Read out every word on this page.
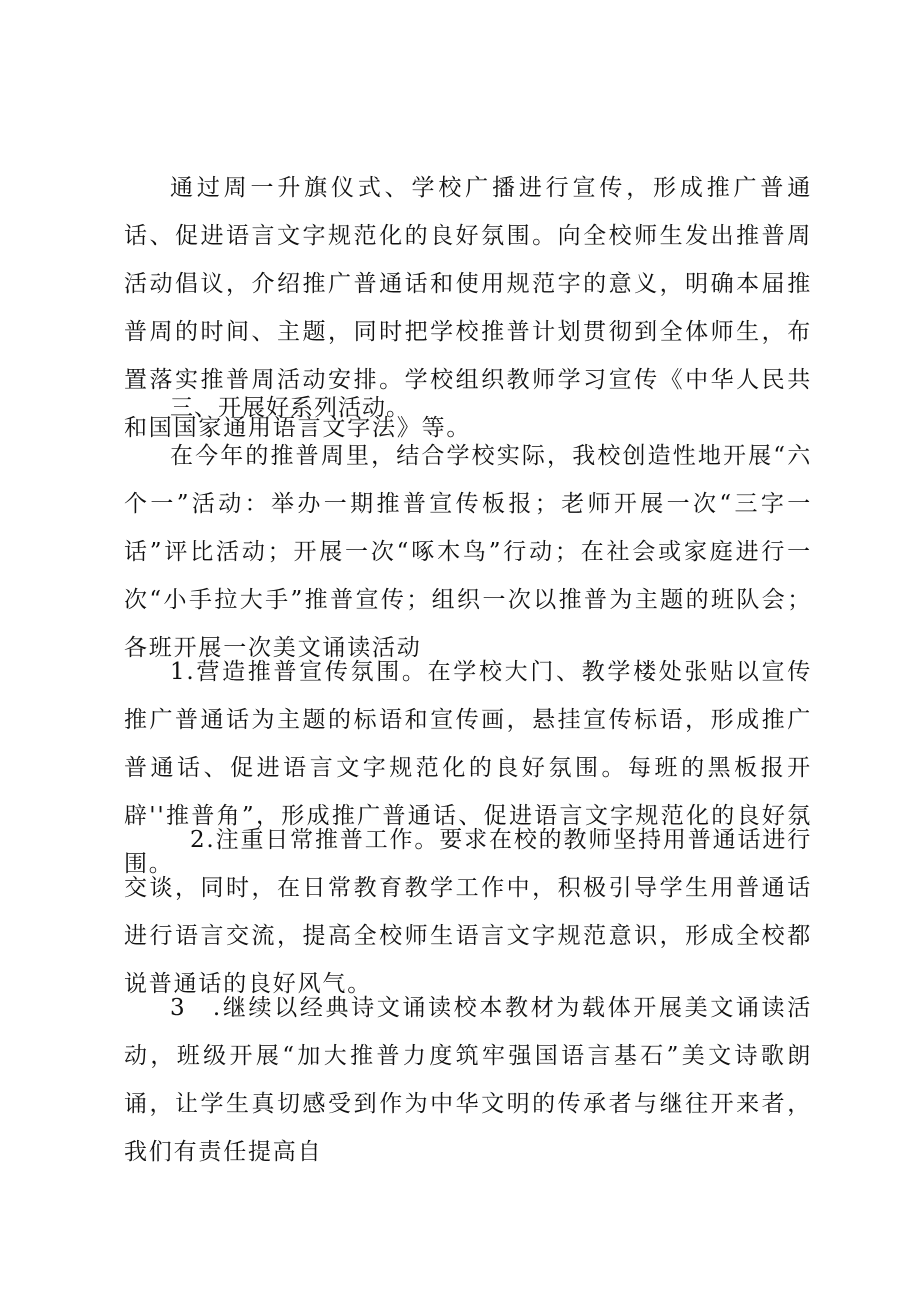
通过周一升旗仪式、学校广播进行宣传，形成推广普通话、促进语言文字规范化的良好氛围。向全校师生发出推普周活动倡议，介绍推广普通话和使用规范字的意义，明确本届推普周的时间、主题，同时把学校推普计划贯彻到全体师生，布置落实推普周活动安排。学校组织教师学习宣传《中华人民共和国国家通用语言文字法》等。

三、开展好系列活动。

在今年的推普周里，结合学校实际，我校创造性地开展“六个一”活动：举办一期推普宣传板报；老师开展一次“三字一话”评比活动；开展一次“啄木鸟”行动；在社会或家庭进行一次“小手拉大手”推普宣传；组织一次以推普为主题的班队会；各班开展一次美文诵读活动

1.营造推普宣传氛围。在学校大门、教学楼处张贴以宣传推广普通话为主题的标语和宣传画，悬挂宣传标语，形成推广普通话、促进语言文字规范化的良好氛围。每班的黑板报开辟''推普角”，形成推广普通话、促进语言文字规范化的良好氛围。

2.注重日常推普工作。要求在校的教师坚持用普通话进行交谈，同时，在日常教育教学工作中，积极引导学生用普通话进行语言交流，提高全校师生语言文字规范意识，形成全校都说普通话的良好风气。

3　.继续以经典诗文诵读校本教材为载体开展美文诵读活动，班级开展“加大推普力度筑牢强国语言基石”美文诗歌朗诵，让学生真切感受到作为中华文明的传承者与继往开来者，我们有责任提高自
